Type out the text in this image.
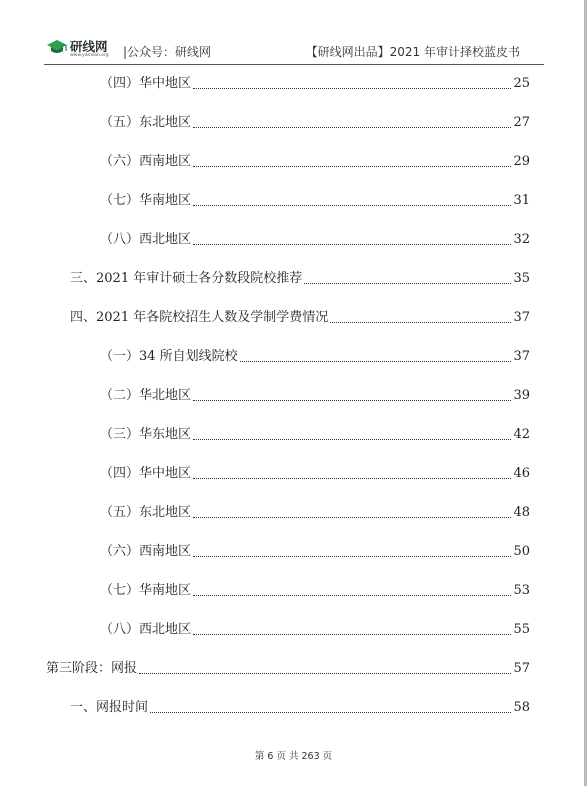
研线网
www.yanxian.org |公众号：研线网	【研线网出品】2021 年审计择校蓝皮书
（四）华中地区	25
（五）东北地区	27
（六）西南地区	29
（七）华南地区	31
（八）西北地区	32
三、2021 年审计硕士各分数段院校推荐	35
四、2021 年各院校招生人数及学制学费情况	37
（一）34 所自划线院校	37
（二）华北地区	39
（三）华东地区	42
（四）华中地区	46
（五）东北地区	48
（六）西南地区	50
（七）华南地区	53
（八）西北地区	55
第三阶段：网报	57
一、网报时间	58
第 6 页 共 263 页
